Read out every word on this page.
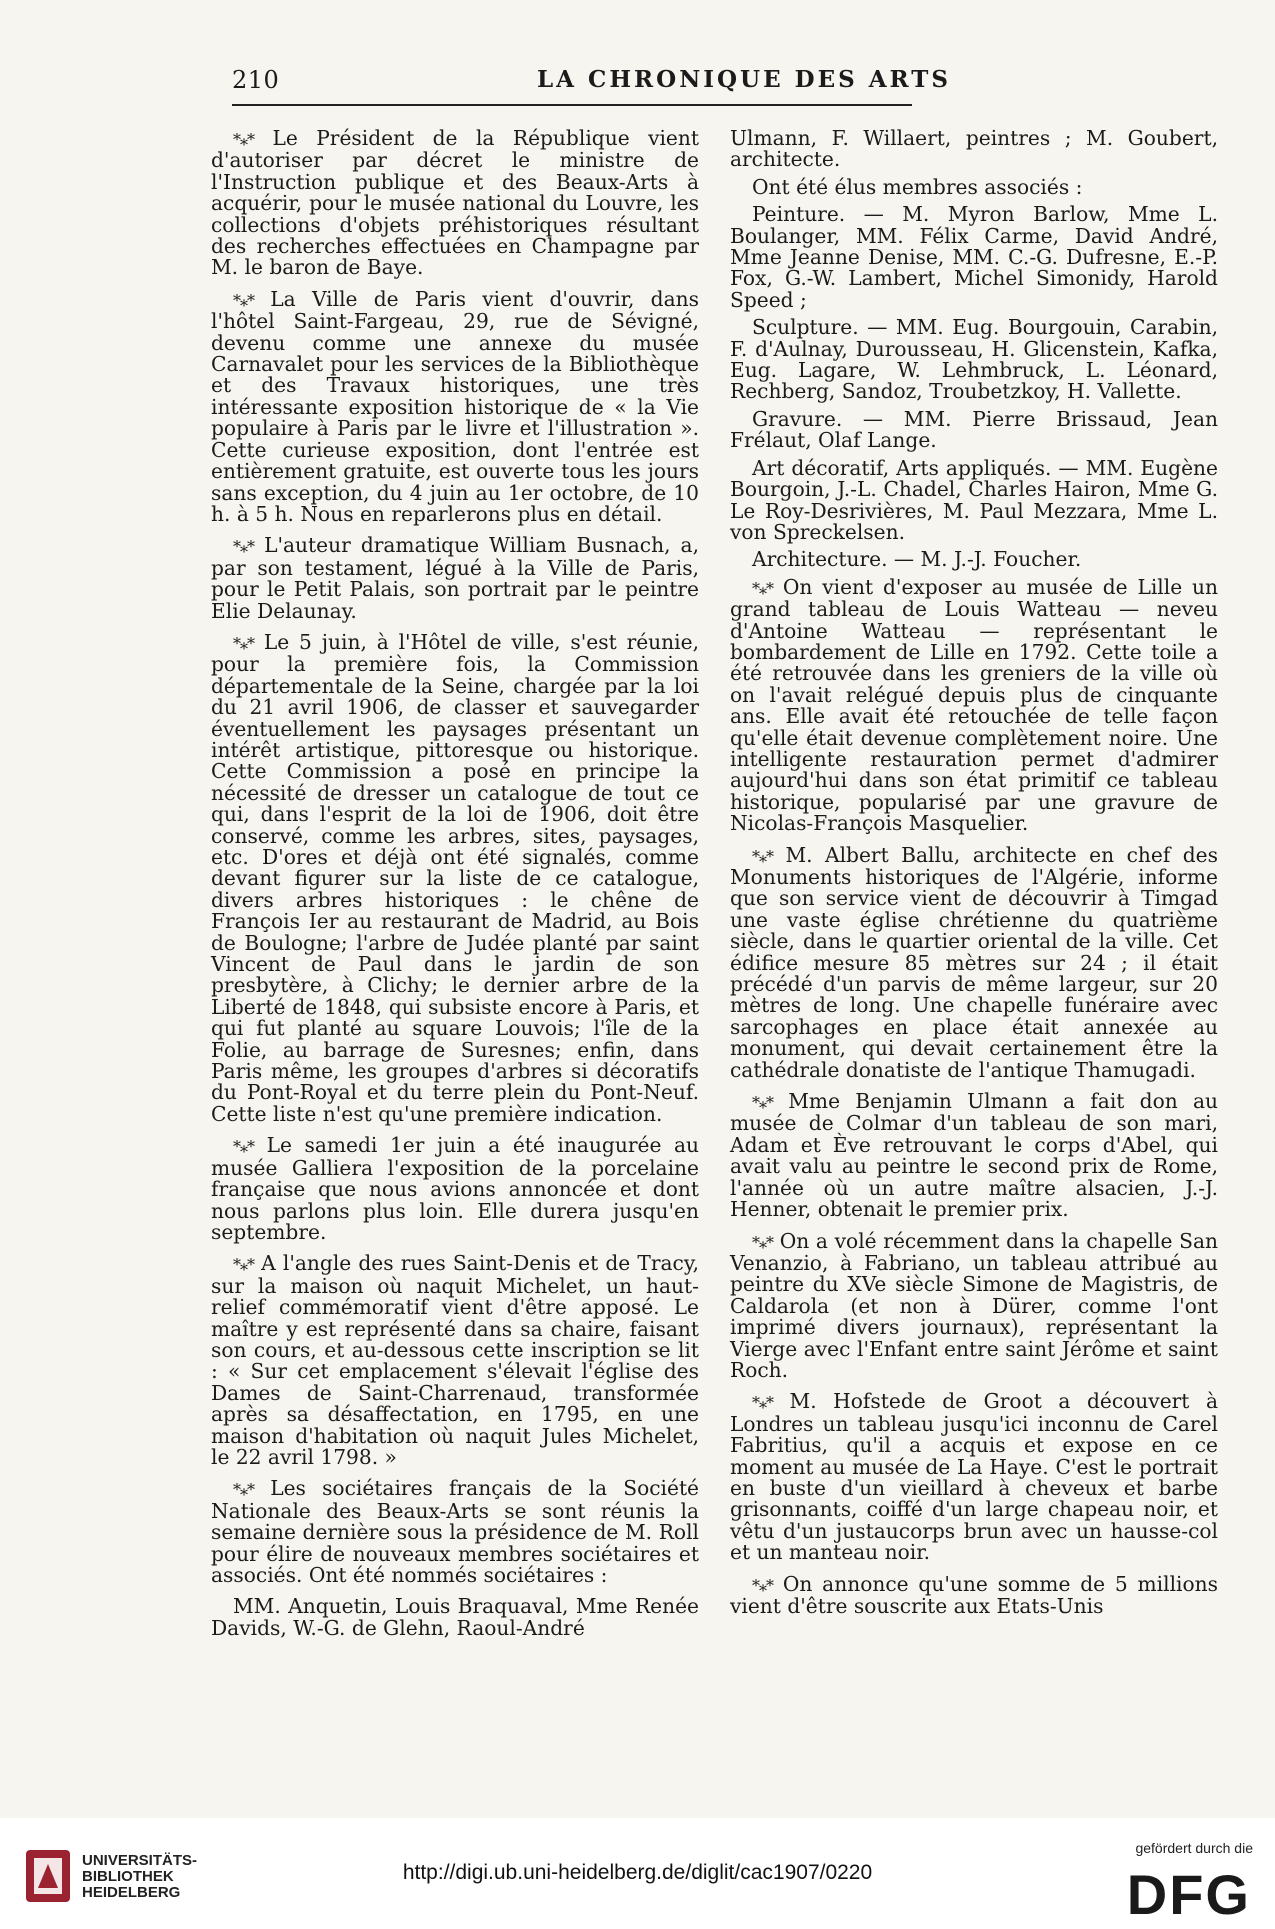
210	LA CHRONIQUE DES ARTS

*⁎* Le Président de la République vient d'autoriser par décret le ministre de l'Instruction publique et des Beaux-Arts à acquérir, pour le musée national du Louvre, les collections d'objets préhistoriques résultant des recherches effectuées en Champagne par M. le baron de Baye.

*⁎* La Ville de Paris vient d'ouvrir, dans l'hôtel Saint-Fargeau, 29, rue de Sévigné, devenu comme une annexe du musée Carnavalet pour les services de la Bibliothèque et des Travaux historiques, une très intéressante exposition historique de « la Vie populaire à Paris par le livre et l'illustration ». Cette curieuse exposition, dont l'entrée est entièrement gratuite, est ouverte tous les jours sans exception, du 4 juin au 1er octobre, de 10 h. à 5 h. Nous en reparlerons plus en détail.

*⁎* L'auteur dramatique William Busnach, a, par son testament, légué à la Ville de Paris, pour le Petit Palais, son portrait par le peintre Elie Delaunay.

*⁎* Le 5 juin, à l'Hôtel de ville, s'est réunie, pour la première fois, la Commission départementale de la Seine, chargée par la loi du 21 avril 1906, de classer et sauvegarder éventuellement les paysages présentant un intérêt artistique, pittoresque ou historique. Cette Commission a posé en principe la nécessité de dresser un catalogue de tout ce qui, dans l'esprit de la loi de 1906, doit être conservé, comme les arbres, sites, paysages, etc. D'ores et déjà ont été signalés, comme devant figurer sur la liste de ce catalogue, divers arbres historiques : le chêne de François Ier au restaurant de Madrid, au Bois de Boulogne; l'arbre de Judée planté par saint Vincent de Paul dans le jardin de son presbytère, à Clichy; le dernier arbre de la Liberté de 1848, qui subsiste encore à Paris, et qui fut planté au square Louvois; l'île de la Folie, au barrage de Suresnes; enfin, dans Paris même, les groupes d'arbres si décoratifs du Pont-Royal et du terre plein du Pont-Neuf. Cette liste n'est qu'une première indication.

*⁎* Le samedi 1er juin a été inaugurée au musée Galliera l'exposition de la porcelaine française que nous avions annoncée et dont nous parlons plus loin. Elle durera jusqu'en septembre.

*⁎* A l'angle des rues Saint-Denis et de Tracy, sur la maison où naquit Michelet, un haut-relief commémoratif vient d'être apposé. Le maître y est représenté dans sa chaire, faisant son cours, et au-dessous cette inscription se lit : « Sur cet emplacement s'élevait l'église des Dames de Saint-Charrenaud, transformée après sa désaffectation, en 1795, en une maison d'habitation où naquit Jules Michelet, le 22 avril 1798. »

*⁎* Les sociétaires français de la Société Nationale des Beaux-Arts se sont réunis la semaine dernière sous la présidence de M. Roll pour élire de nouveaux membres sociétaires et associés. Ont été nommés sociétaires :

MM. Anquetin, Louis Braquaval, Mme Renée Davids, W.-G. de Glehn, Raoul-André

Ulmann, F. Willaert, peintres ; M. Goubert, architecte.

Ont été élus membres associés :

Peinture. — M. Myron Barlow, Mme L. Boulanger, MM. Félix Carme, David André, Mme Jeanne Denise, MM. C.-G. Dufresne, E.-P. Fox, G.-W. Lambert, Michel Simonidy, Harold Speed ;

Sculpture. — MM. Eug. Bourgouin, Carabin, F. d'Aulnay, Durousseau, H. Glicenstein, Kafka, Eug. Lagare, W. Lehmbruck, L. Léonard, Rechberg, Sandoz, Troubetzkoy, H. Vallette.

Gravure. — MM. Pierre Brissaud, Jean Frélaut, Olaf Lange.

Art décoratif, Arts appliqués. — MM. Eugène Bourgoin, J.-L. Chadel, Charles Hairon, Mme G. Le Roy-Desrivières, M. Paul Mezzara, Mme L. von Spreckelsen.

Architecture. — M. J.-J. Foucher.

*⁎* On vient d'exposer au musée de Lille un grand tableau de Louis Watteau — neveu d'Antoine Watteau — représentant le bombardement de Lille en 1792. Cette toile a été retrouvée dans les greniers de la ville où on l'avait relégué depuis plus de cinquante ans. Elle avait été retouchée de telle façon qu'elle était devenue complètement noire. Une intelligente restauration permet d'admirer aujourd'hui dans son état primitif ce tableau historique, popularisé par une gravure de Nicolas-François Masquelier.

*⁎* M. Albert Ballu, architecte en chef des Monuments historiques de l'Algérie, informe que son service vient de découvrir à Timgad une vaste église chrétienne du quatrième siècle, dans le quartier oriental de la ville. Cet édifice mesure 85 mètres sur 24 ; il était précédé d'un parvis de même largeur, sur 20 mètres de long. Une chapelle funéraire avec sarcophages en place était annexée au monument, qui devait certainement être la cathédrale donatiste de l'antique Thamugadi.

*⁎* Mme Benjamin Ulmann a fait don au musée de Colmar d'un tableau de son mari, Adam et Ève retrouvant le corps d'Abel, qui avait valu au peintre le second prix de Rome, l'année où un autre maître alsacien, J.-J. Henner, obtenait le premier prix.

*⁎* On a volé récemment dans la chapelle San Venanzio, à Fabriano, un tableau attribué au peintre du XVe siècle Simone de Magistris, de Caldarola (et non à Dürer, comme l'ont imprimé divers journaux), représentant la Vierge avec l'Enfant entre saint Jérôme et saint Roch.

*⁎* M. Hofstede de Groot a découvert à Londres un tableau jusqu'ici inconnu de Carel Fabritius, qu'il a acquis et expose en ce moment au musée de La Haye. C'est le portrait en buste d'un vieillard à cheveux et barbe grisonnants, coiffé d'un large chapeau noir, et vêtu d'un justaucorps brun avec un hausse-col et un manteau noir.

*⁎* On annonce qu'une somme de 5 millions vient d'être souscrite aux Etats-Unis

UNIVERSITÄTS-
BIBLIOTHEK
HEIDELBERG
http://digi.ub.uni-heidelberg.de/diglit/cac1907/0220
gefördert durch die
DFG
